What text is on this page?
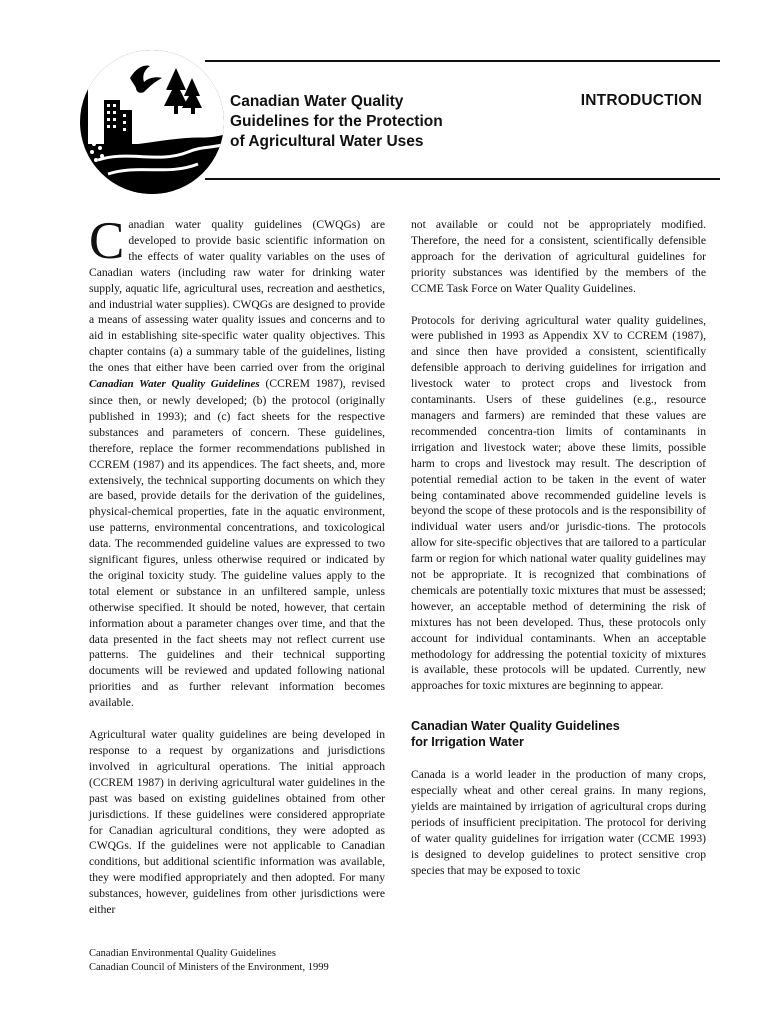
Canadian Water Quality
Guidelines for the Protection
of Agricultural Water Uses
INTRODUCTION

Canadian water quality guidelines (CWQGs) are developed to provide basic scientific information on the effects of water quality variables on the uses of Canadian waters (including raw water for drinking water supply, aquatic life, agricultural uses, recreation and aesthetics, and industrial water supplies). CWQGs are designed to provide a means of assessing water quality issues and concerns and to aid in establishing site-specific water quality objectives. This chapter contains (a) a summary table of the guidelines, listing the ones that either have been carried over from the original Canadian Water Quality Guidelines (CCREM 1987), revised since then, or newly developed; (b) the protocol (originally published in 1993); and (c) fact sheets for the respective substances and parameters of concern. These guidelines, therefore, replace the former recommendations published in CCREM (1987) and its appendices. The fact sheets, and, more extensively, the technical supporting documents on which they are based, provide details for the derivation of the guidelines, physical-chemical properties, fate in the aquatic environment, use patterns, environmental concentrations, and toxicological data. The recommended guideline values are expressed to two significant figures, unless otherwise required or indicated by the original toxicity study. The guideline values apply to the total element or substance in an unfiltered sample, unless otherwise specified. It should be noted, however, that certain information about a parameter changes over time, and that the data presented in the fact sheets may not reflect current use patterns. The guidelines and their technical supporting documents will be reviewed and updated following national priorities and as further relevant information becomes available.

Agricultural water quality guidelines are being developed in response to a request by organizations and jurisdictions involved in agricultural operations. The initial approach (CCREM 1987) in deriving agricultural water guidelines in the past was based on existing guidelines obtained from other jurisdictions. If these guidelines were considered appropriate for Canadian agricultural conditions, they were adopted as CWQGs. If the guidelines were not applicable to Canadian conditions, but additional scientific information was available, they were modified appropriately and then adopted. For many substances, however, guidelines from other jurisdictions were either

not available or could not be appropriately modified. Therefore, the need for a consistent, scientifically defensible approach for the derivation of agricultural guidelines for priority substances was identified by the members of the CCME Task Force on Water Quality Guidelines.

Protocols for deriving agricultural water quality guidelines, were published in 1993 as Appendix XV to CCREM (1987), and since then have provided a consistent, scientifically defensible approach to deriving guidelines for irrigation and livestock water to protect crops and livestock from contaminants. Users of these guidelines (e.g., resource managers and farmers) are reminded that these values are recommended concentra-tion limits of contaminants in irrigation and livestock water; above these limits, possible harm to crops and livestock may result. The description of potential remedial action to be taken in the event of water being contaminated above recommended guideline levels is beyond the scope of these protocols and is the responsibility of individual water users and/or jurisdic-tions. The protocols allow for site-specific objectives that are tailored to a particular farm or region for which national water quality guidelines may not be appropriate. It is recognized that combinations of chemicals are potentially toxic mixtures that must be assessed; however, an acceptable method of determining the risk of mixtures has not been developed. Thus, these protocols only account for individual contaminants. When an acceptable methodology for addressing the potential toxicity of mixtures is available, these protocols will be updated. Currently, new approaches for toxic mixtures are beginning to appear.

Canadian Water Quality Guidelines
for Irrigation Water

Canada is a world leader in the production of many crops, especially wheat and other cereal grains. In many regions, yields are maintained by irrigation of agricultural crops during periods of insufficient precipitation. The protocol for deriving of water quality guidelines for irrigation water (CCME 1993) is designed to develop guidelines to protect sensitive crop species that may be exposed to toxic

Canadian Environmental Quality Guidelines
Canadian Council of Ministers of the Environment, 1999
